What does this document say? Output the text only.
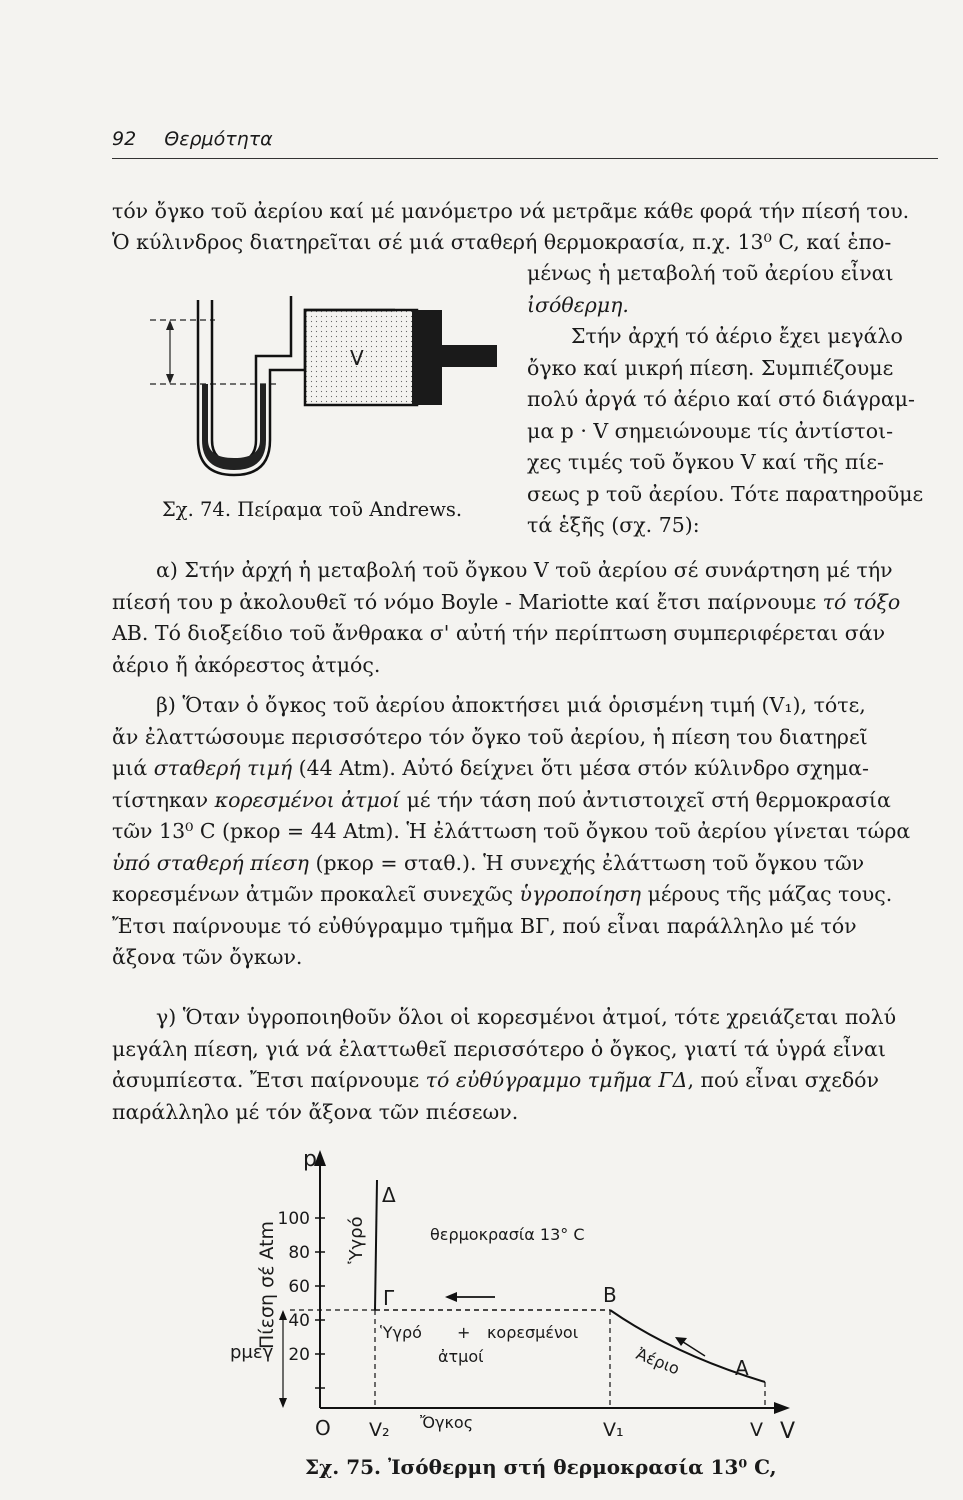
92 Θερμότητα

τόν ὄγκο τοῦ ἀερίου καί μέ μανόμετρο νά μετρᾶμε κάθε φορά τήν πίεσή του.

Ὁ κύλινδρος διατηρεῖται σέ μιά σταθερή θερμοκρασία, π.χ. 13⁰ C, καί ἑπο-

μένως ἡ μεταβολή τοῦ ἀερίου εἶναι
ἰσόθερμη.
Στήν ἀρχή τό ἀέριο ἔχει μεγάλο
ὄγκο καί μικρή πίεση. Συμπιέζουμε
πολύ ἀργά τό ἀέριο καί στό διάγραμ-
μα p · V σημειώνουμε τίς ἀντίστοι-
χες τιμές τοῦ ὄγκου V καί τῆς πίε-
σεως p τοῦ ἀερίου. Τότε παρατηροῦμε
τά ἑξῆς (σχ. 75):
V
Σχ. 74. Πείραμα τοῦ Andrews.
α) Στήν ἀρχή ἡ μεταβολή τοῦ ὄγκου V τοῦ ἀερίου σέ συνάρτηση μέ τήν
πίεσή του p ἀκολουθεῖ τό νόμο Boyle - Mariotte καί ἔτσι παίρνουμε τό τόξο
AB. Τό διοξείδιο τοῦ ἄνθρακα σ' αὐτή τήν περίπτωση συμπεριφέρεται σάν
ἀέριο ἤ ἀκόρεστος ἀτμός.
β) Ὅταν ὁ ὄγκος τοῦ ἀερίου ἀποκτήσει μιά ὁρισμένη τιμή (V₁), τότε,
ἄν ἐλαττώσουμε περισσότερο τόν ὄγκο τοῦ ἀερίου, ἡ πίεση του διατηρεῖ
μιά σταθερή τιμή (44 Atm). Αὐτό δείχνει ὅτι μέσα στόν κύλινδρο σχημα-
τίστηκαν κορεσμένοι ἀτμοί μέ τήν τάση πού ἀντιστοιχεῖ στή θερμοκρασία
τῶν 13⁰ C (pκορ = 44 Atm). Ἡ ἐλάττωση τοῦ ὄγκου τοῦ ἀερίου γίνεται τώρα
ὑπό σταθερή πίεση (pκορ = σταθ.). Ἡ συνεχής ἐλάττωση τοῦ ὄγκου τῶν
κορεσμένων ἀτμῶν προκαλεῖ συνεχῶς ὑγροποίηση μέρους τῆς μάζας τους.
Ἔτσι παίρνουμε τό εὐθύγραμμο τμῆμα ΒΓ, πού εἶναι παράλληλο μέ τόν
ἄξονα τῶν ὄγκων.
γ) Ὅταν ὑγροποιηθοῦν ὅλοι οἱ κορεσμένοι ἀτμοί, τότε χρειάζεται πολύ
μεγάλη πίεση, γιά νά ἐλαττωθεῖ περισσότερο ὁ ὄγκος, γιατί τά ὑγρά εἶναι
ἀσυμπίεστα. Ἔτσι παίρνουμε τό εὐθύγραμμο τμῆμα ΓΔ, πού εἶναι σχεδόν
παράλληλο μέ τόν ἄξονα τῶν πιέσεων.
p
V
Πίεση σέ Atm
20
40
60
80
100
pμεγ
O
Δ
Γ	Β
Α
θερμοκρασία 13° C
Ὑγρό
Ὑγρό + κορεσμένοι
ἀτμοί	Ἀέριο
V₂	V₁	V
Ὄγκος
Σχ. 75. Ἰσόθερμη στή θερμοκρασία 13⁰ C,
